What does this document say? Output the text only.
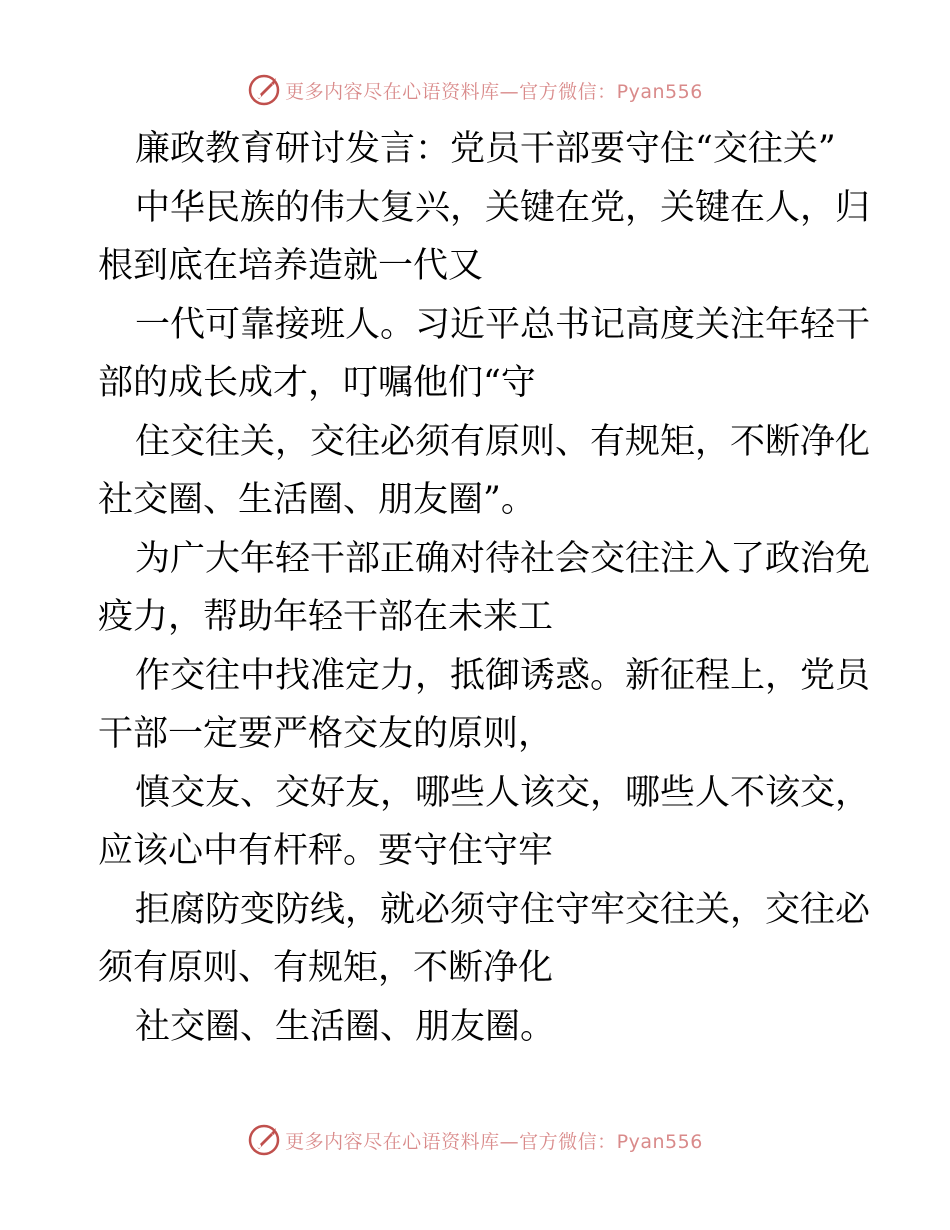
更多内容尽在心语资料库—官方微信：Pyan556
廉政教育研讨发言：党员干部要守住“交往关”
中华民族的伟大复兴，关键在党，关键在人，归
根到底在培养造就一代又
一代可靠接班人。习近平总书记高度关注年轻干
部的成长成才，叮嘱他们“守
住交往关，交往必须有原则、有规矩，不断净化
社交圈、生活圈、朋友圈”。
为广大年轻干部正确对待社会交往注入了政治免
疫力，帮助年轻干部在未来工
作交往中找准定力，抵御诱惑。新征程上，党员
干部一定要严格交友的原则，
慎交友、交好友，哪些人该交，哪些人不该交，
应该心中有杆秤。要守住守牢
拒腐防变防线，就必须守住守牢交往关，交往必
须有原则、有规矩，不断净化
社交圈、生活圈、朋友圈。
更多内容尽在心语资料库—官方微信：Pyan556
